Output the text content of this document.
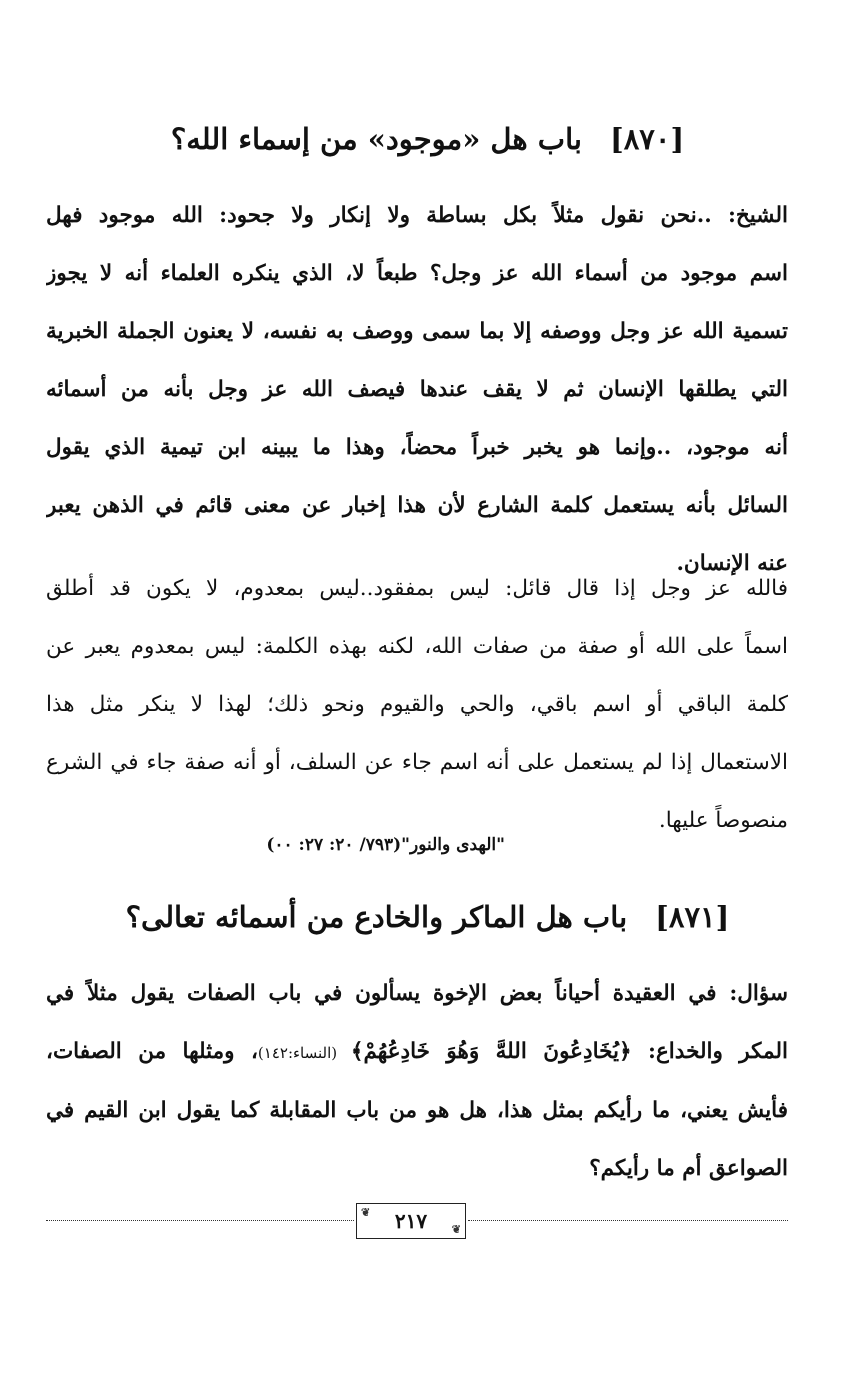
[٨٧٠]باب هل «موجود» من إسماء الله؟
الشيخ: ..نحن نقول مثلاً بكل بساطة ولا إنكار ولا جحود: الله موجود فهل
اسم موجود من أسماء الله عز وجل؟ طبعاً لا، الذي ينكره العلماء أنه لا يجوز
تسمية الله عز وجل ووصفه إلا بما سمى ووصف به نفسه، لا يعنون الجملة الخبرية
التي يطلقها الإنسان ثم لا يقف عندها فيصف الله عز وجل بأنه من أسمائه
أنه موجود، ..وإنما هو يخبر خبراً محضاً، وهذا ما يبينه ابن تيمية الذي يقول
السائل بأنه يستعمل كلمة الشارع لأن هذا إخبار عن معنى قائم في الذهن يعبر
عنه الإنسان.
فالله عز وجل إذا قال قائل: ليس بمفقود..ليس بمعدوم، لا يكون قد أطلق
اسماً على الله أو صفة من صفات الله، لكنه بهذه الكلمة: ليس بمعدوم يعبر عن
كلمة الباقي أو اسم باقي، والحي والقيوم ونحو ذلك؛ لهذا لا ينكر مثل هذا
الاستعمال إذا لم يستعمل على أنه اسم جاء عن السلف، أو أنه صفة جاء في الشرع
منصوصاً عليها.
"الهدى والنور"(٧٩٣/ ٢٠: ٢٧: ٠٠)
[٨٧١]باب هل الماكر والخادع من أسمائه تعالى؟
سؤال: في العقيدة أحياناً بعض الإخوة يسألون في باب الصفات يقول مثلاً في
المكر والخداع: ﴿يُخَادِعُونَ اللهَّ وَهُوَ خَادِعُهُمْ﴾ (النساء:١٤٢)، ومثلها من الصفات،
فأيش يعني، ما رأيكم بمثل هذا، هل هو من باب المقابلة كما يقول ابن القيم في
الصواعق أم ما رأيكم؟
❦ ٢١٧ ❦
